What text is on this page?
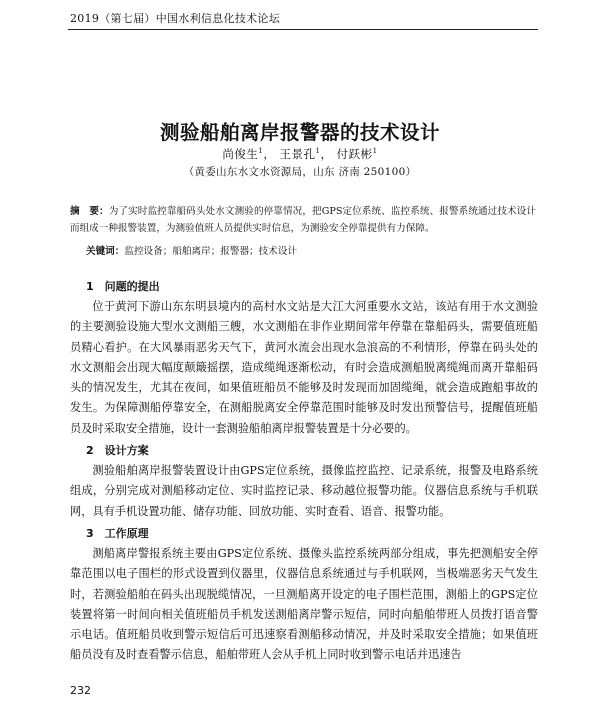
2019（第七届）中国水利信息化技术论坛
测验船舶离岸报警器的技术设计
尚俊生$^1$， 王景孔$^1$， 付跃彬$^1$
（黄委山东水文水资源局，山东 济南 250100）
摘　要：为了实时监控靠船码头处水文测验的停靠情况，把GPS定位系统、监控系统、报警系统通过技术设计而组成一种报警装置，为测验值班人员提供实时信息，为测验安全停靠提供有力保障。
关键词：监控设备；船舶离岸；报警器；技术设计
1　问题的提出

位于黄河下游山东东明县境内的高村水文站是大江大河重要水文站，该站有用于水文测验的主要测验设施大型水文测船三艘，水文测船在非作业期间常年停靠在靠船码头，需要值班船员精心看护。在大风暴雨恶劣天气下，黄河水流会出现水急浪高的不利情形，停靠在码头处的水文测船会出现大幅度颠簸摇摆，造成缆绳逐渐松动，有时会造成测船脱离缆绳而离开靠船码头的情况发生，尤其在夜间，如果值班船员不能够及时发现而加固缆绳，就会造成跑船事故的发生。为保障测船停靠安全，在测船脱离安全停靠范围时能够及时发出预警信号，提醒值班船员及时采取安全措施，设计一套测验船舶离岸报警装置是十分必要的。

2　设计方案

测验船舶离岸报警装置设计由GPS定位系统，摄像监控监控、记录系统，报警及电路系统组成，分别完成对测船移动定位、实时监控记录、移动越位报警功能。仪器信息系统与手机联网，具有手机设置功能、储存功能、回放功能、实时查看、语音、报警功能。

3　工作原理

测船离岸警报系统主要由GPS定位系统、摄像头监控系统两部分组成，事先把测船安全停靠范围以电子围栏的形式设置到仪器里，仪器信息系统通过与手机联网，当极端恶劣天气发生时，若测验船舶在码头出现脱缆情况，一旦测船离开设定的电子围栏范围，测船上的GPS定位装置将第一时间向相关值班船员手机发送测船离岸警示短信，同时向船舶带班人员拨打语音警示电话。值班船员收到警示短信后可迅速察看测船移动情况，并及时采取安全措施；如果值班船员没有及时查看警示信息，船舶带班人会从手机上同时收到警示电话并迅速告

232
